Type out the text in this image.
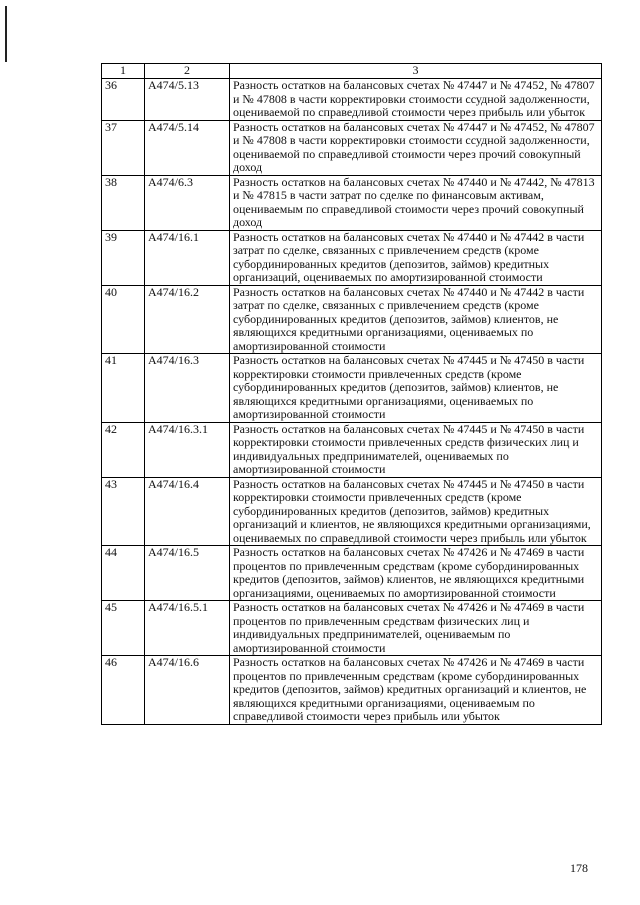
1	2	3
36	А474/5.13	Разность остатков на балансовых счетах № 47447 и № 47452, № 47807 и № 47808 в части корректировки стоимости ссудной задолженности, оцениваемой по справедливой стоимости через прибыль или убыток
37	А474/5.14	Разность остатков на балансовых счетах № 47447 и № 47452, № 47807 и № 47808 в части корректировки стоимости ссудной задолженности, оцениваемой по справедливой стоимости через прочий совокупный доход
38	А474/6.3	Разность остатков на балансовых счетах № 47440 и № 47442, № 47813 и № 47815 в части затрат по сделке по финансовым активам, оцениваемым по справедливой стоимости через прочий совокупный доход
39	А474/16.1	Разность остатков на балансовых счетах № 47440 и № 47442 в части затрат по сделке, связанных с привлечением средств (кроме субординированных кредитов (депозитов, займов) кредитных организаций, оцениваемых по амортизированной стоимости
40	А474/16.2	Разность остатков на балансовых счетах № 47440 и № 47442 в части затрат по сделке, связанных с привлечением средств (кроме субординированных кредитов (депозитов, займов) клиентов, не являющихся кредитными организациями, оцениваемых по амортизированной стоимости
41	А474/16.3	Разность остатков на балансовых счетах № 47445 и № 47450 в части корректировки стоимости привлеченных средств (кроме субординированных кредитов (депозитов, займов) клиентов, не являющихся кредитными организациями, оцениваемых по амортизированной стоимости
42	А474/16.3.1	Разность остатков на балансовых счетах № 47445 и № 47450 в части корректировки стоимости привлеченных средств физических лиц и индивидуальных предпринимателей, оцениваемых по амортизированной стоимости
43	А474/16.4	Разность остатков на балансовых счетах № 47445 и № 47450 в части корректировки стоимости привлеченных средств (кроме субординированных кредитов (депозитов, займов) кредитных организаций и клиентов, не являющихся кредитными организациями, оцениваемых по справедливой стоимости через прибыль или убыток
44	А474/16.5	Разность остатков на балансовых счетах № 47426 и № 47469 в части процентов по привлеченным средствам (кроме субординированных кредитов (депозитов, займов) клиентов, не являющихся кредитными организациями, оцениваемых по амортизированной стоимости
45	А474/16.5.1	Разность остатков на балансовых счетах № 47426 и № 47469 в части процентов по привлеченным средствам физических лиц и индивидуальных предпринимателей, оцениваемым по амортизированной стоимости
46	А474/16.6	Разность остатков на балансовых счетах № 47426 и № 47469 в части процентов по привлеченным средствам (кроме субординированных кредитов (депозитов, займов) кредитных организаций и клиентов, не являющихся кредитными организациями, оцениваемым по справедливой стоимости через прибыль или убыток
178
